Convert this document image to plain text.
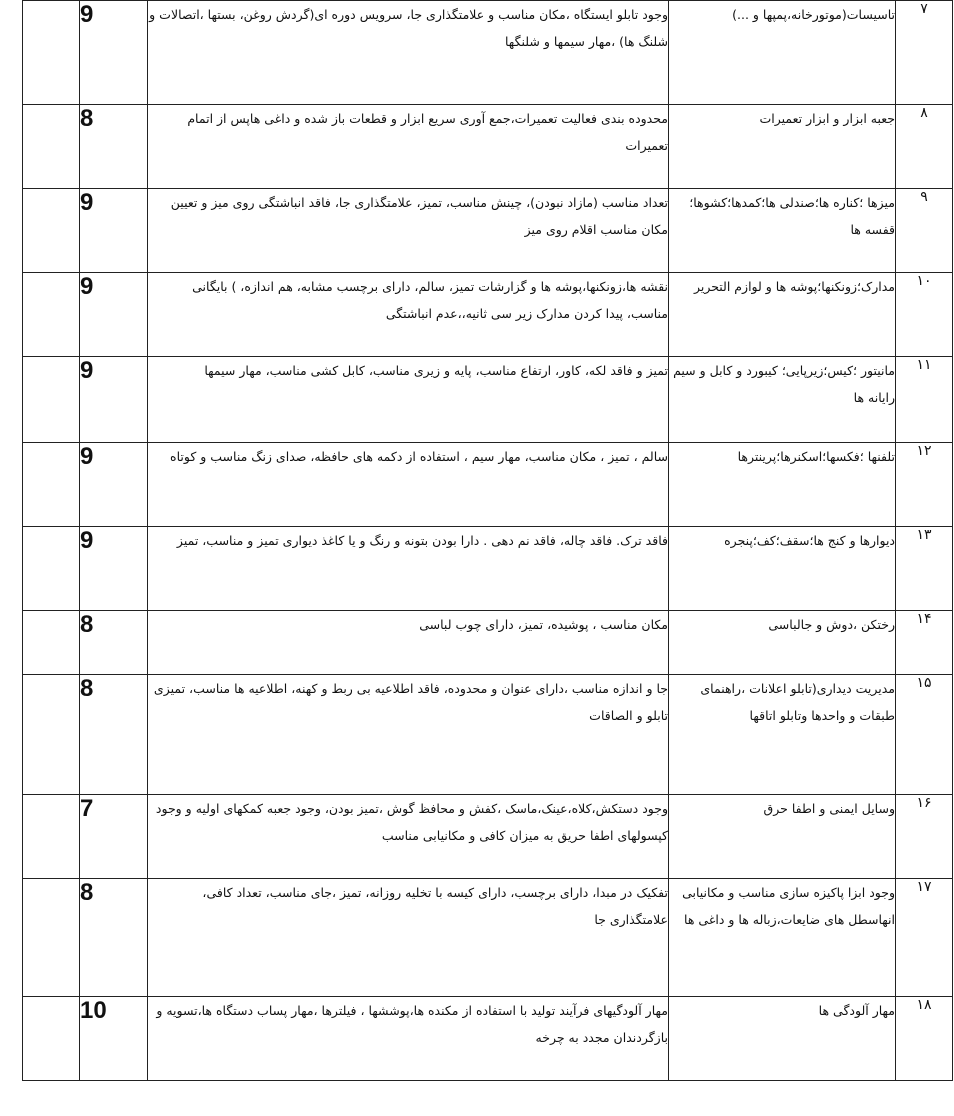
۷	تاسیسات(موتورخانه،پمپها و ...)	وجود تابلو ایستگاه ،مکان مناسب و علامتگذاری جا، سرویس دوره ای(گردش روغن، بستها ،اتصالات و شلنگ ها) ،مهار سیمها و شلنگها	9	
۸	جعبه ابزار و ابزار تعمیرات	محدوده بندی فعالیت تعمیرات،جمع آوری سریع ابزار و قطعات باز شده و داغی هاپس از اتمام تعمیرات	8	
۹	میزها ؛کناره ها؛صندلی ها؛کمدها؛کشوها؛قفسه ها	تعداد مناسب (مازاد نبودن)، چینش مناسب، تمیز، علامتگذاری جا، فاقد انباشتگی روی میز و تعیین مکان مناسب اقلام روی میز	9	
۱۰	مدارک؛زونکنها؛پوشه ها و لوازم التحریر	نقشه ها،زونکنها،پوشه ها و گزارشات تمیز، سالم، دارای برچسب مشابه، هم اندازه، ) بایگانی مناسب، پیدا کردن مدارک زیر سی ثانیه،،عدم انباشتگی	9	
۱۱	مانیتور ؛کیس؛زیرپایی؛ کیبورد و کابل و سیم رایانه ها	تمیز و فاقد لکه، کاور، ارتفاع مناسب، پایه و زیری مناسب، کابل کشی مناسب، مهار سیمها	9	
۱۲	تلفنها ؛فکسها؛اسکنرها؛پرینترها	سالم ، تمیز ، مکان مناسب، مهار سیم ، استفاده از دکمه های حافظه، صدای زنگ مناسب و کوتاه	9	
۱۳	دیوارها و کنج ها؛سقف؛کف؛پنجره	فاقد ترک. فاقد چاله، فاقد نم دهی . دارا بودن بتونه و رنگ و یا کاغذ دیواری تمیز و مناسب، تمیز	9	
۱۴	رختکن ،دوش و جالباسی	مکان مناسب ، پوشیده، تمیز، دارای چوب لباسی	8	
۱۵	مدیریت دیداری(تابلو اعلانات ،راهنمای طبقات و واحدها وتابلو اتاقها	جا و اندازه مناسب ،دارای عنوان و محدوده، فاقد اطلاعیه بی ربط و کهنه، اطلاعیه ها مناسب، تمیزی تابلو و الصاقات	8	
۱۶	وسایل ایمنی و اطفا حرق	وجود دستکش،کلاه،عینک،ماسک ،کفش و محافظ گوش ،تمیز بودن، وجود جعبه کمکهای اولیه و وجود کپسولهای اطفا حریق به میزان کافی و مکانیابی مناسب	7	
۱۷	وجود ابزا پاکیزه سازی مناسب و مکانیابی انهاسطل های ضایعات،زباله ها و داغی ها	تفکیک در مبدا، دارای برچسب، دارای کیسه با تخلیه روزانه، تمیز ،جای مناسب، تعداد کافی، علامتگذاری جا	8	
۱۸	مهار آلودگی ها	مهار آلودگیهای فرآیند تولید با استفاده از مکنده ها،پوششها ، فیلترها ،مهار پساب دستگاه ها،تسویه و بازگردندان مجدد به چرخه	10	
